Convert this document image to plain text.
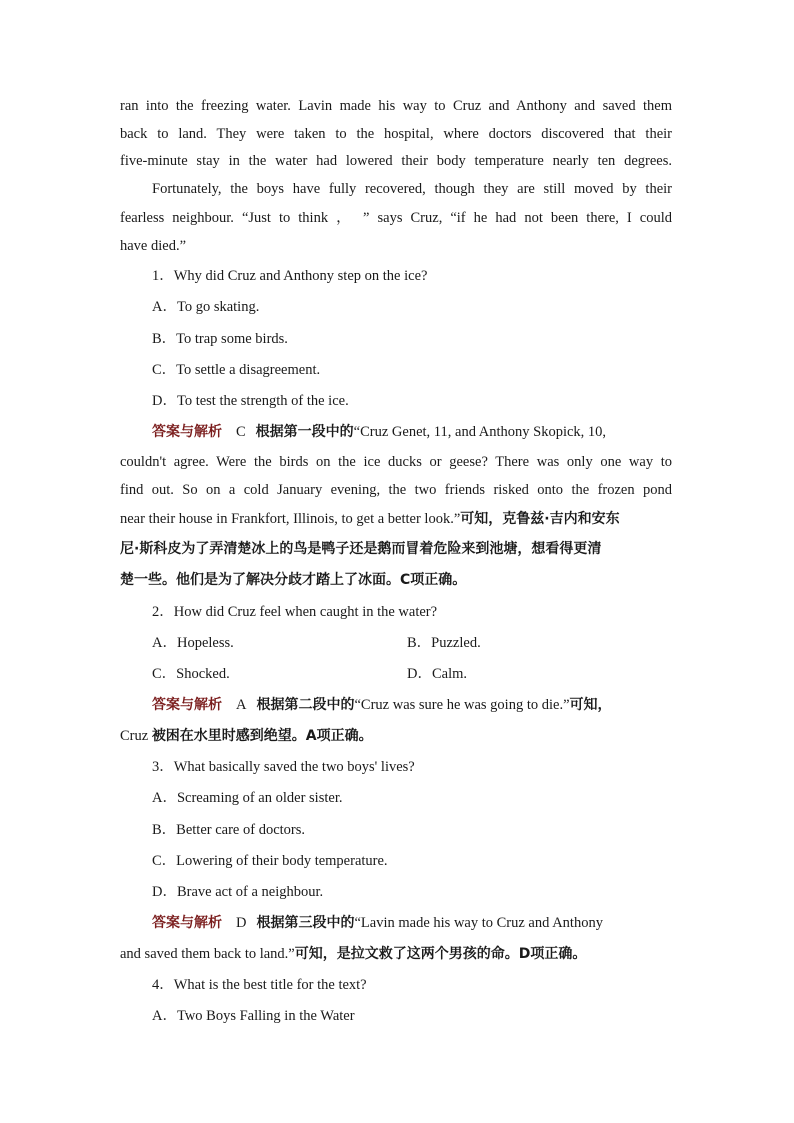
ran into the freezing water. Lavin made his way to Cruz and Anthony and saved them
back to land. They were taken to the hospital, where doctors discovered that their
five-minute stay in the water had lowered their body temperature nearly ten degrees.
Fortunately, the boys have fully recovered, though they are still moved by their
fearless neighbour. “Just to think ， ” says Cruz, “if he had not been there, I could
have died.”
1．Why did Cruz and Anthony step on the ice?
A．To go skating.
B．To trap some birds.
C．To settle a disagreement.
D．To test the strength of the ice.
答案与解析 C 根据第一段中的“Cruz Genet, 11, and Anthony Skopick, 10,
couldn't agree. Were the birds on the ice ducks or geese? There was only one way to
find out. So on a cold January evening, the two friends risked onto the frozen pond
near their house in Frankfort, Illinois, to get a better look.”可知，克鲁兹·吉内和安东
尼·斯科皮为了弄清楚冰上的鸟是鸭子还是鹅而冒着危险来到池塘，想看得更清
楚一些。他们是为了解决分歧才踏上了冰面。C项正确。
2．How did Cruz feel when caught in the water?
A．Hopeless.	B．Puzzled.
C．Shocked.	D．Calm.
答案与解析 A 根据第二段中的“Cruz was sure he was going to die.”可知，
Cruz 被困在水里时感到绝望。A项正确。
3．What basically saved the two boys' lives?
A．Screaming of an older sister.
B．Better care of doctors.
C．Lowering of their body temperature.
D．Brave act of a neighbour.
答案与解析 D 根据第三段中的“Lavin made his way to Cruz and Anthony
and saved them back to land.”可知，是拉文救了这两个男孩的命。D项正确。
4．What is the best title for the text?
A．Two Boys Falling in the Water
